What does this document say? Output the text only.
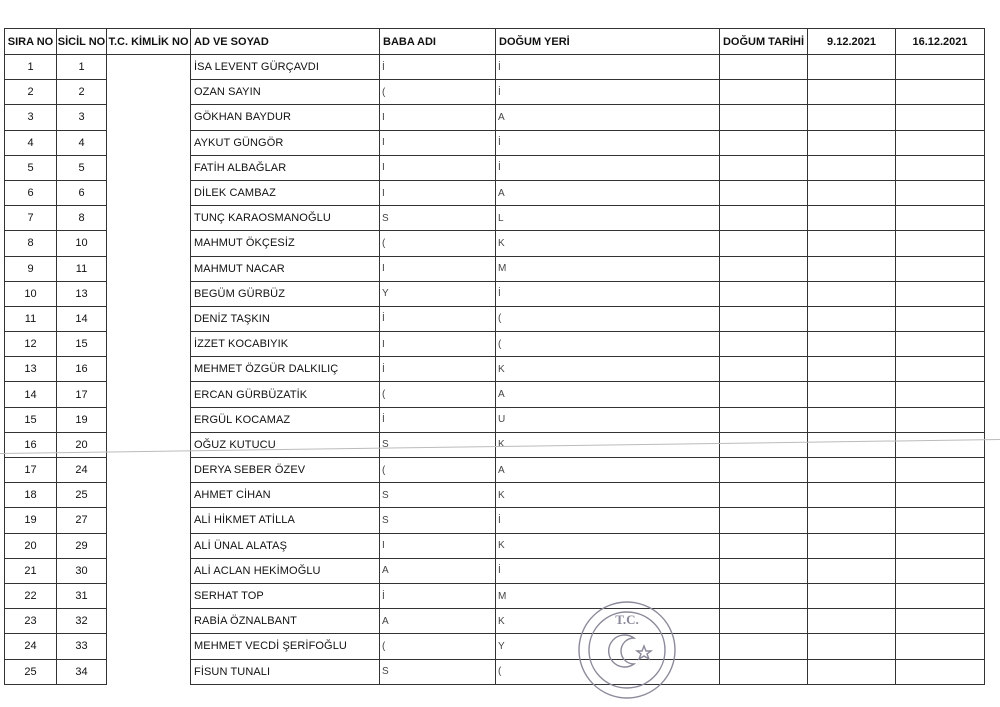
SIRA NO	SİCİL NO	T.C. KİMLİK NO	AD VE SOYAD	BABA ADI	DOĞUM YERİ	DOĞUM TARİHİ	9.12.2021	16.12.2021
1	1		İSA LEVENT GÜRÇAVDI	İ	İ			
2	2		OZAN SAYIN	(	İ			
3	3		GÖKHAN BAYDUR	I	A			
4	4		AYKUT GÜNGÖR	I	İ			
5	5		FATİH ALBAĞLAR	I	İ			
6	6		DİLEK CAMBAZ	I	A			
7	8		TUNÇ KARAOSMANOĞLU	S	L			
8	10		MAHMUT ÖKÇESİZ	(	K			
9	11		MAHMUT NACAR	I	M			
10	13		BEGÜM GÜRBÜZ	Y	İ			
11	14		DENİZ TAŞKIN	İ	(			
12	15		İZZET KOCABIYIK	I	(			
13	16		MEHMET ÖZGÜR DALKILIÇ	İ	K			
14	17		ERCAN GÜRBÜZATİK	(	A			
15	19		ERGÜL KOCAMAZ	İ	U			
16	20		OĞUZ KUTUCU	S	K			
17	24		DERYA SEBER ÖZEV	(	A			
18	25		AHMET CİHAN	S	K			
19	27		ALİ HİKMET ATİLLA	S	İ			
20	29		ALİ ÜNAL ALATAŞ	I	K			
21	30		ALİ ACLAN HEKİMOĞLU	A	İ			
22	31		SERHAT TOP	İ	M			
23	32		RABİA ÖZNALBANT	A	K			
24	33		MEHMET VECDİ ŞERİFOĞLU	(	Y			
25	34		FİSUN TUNALI	S	(			
T.C.
